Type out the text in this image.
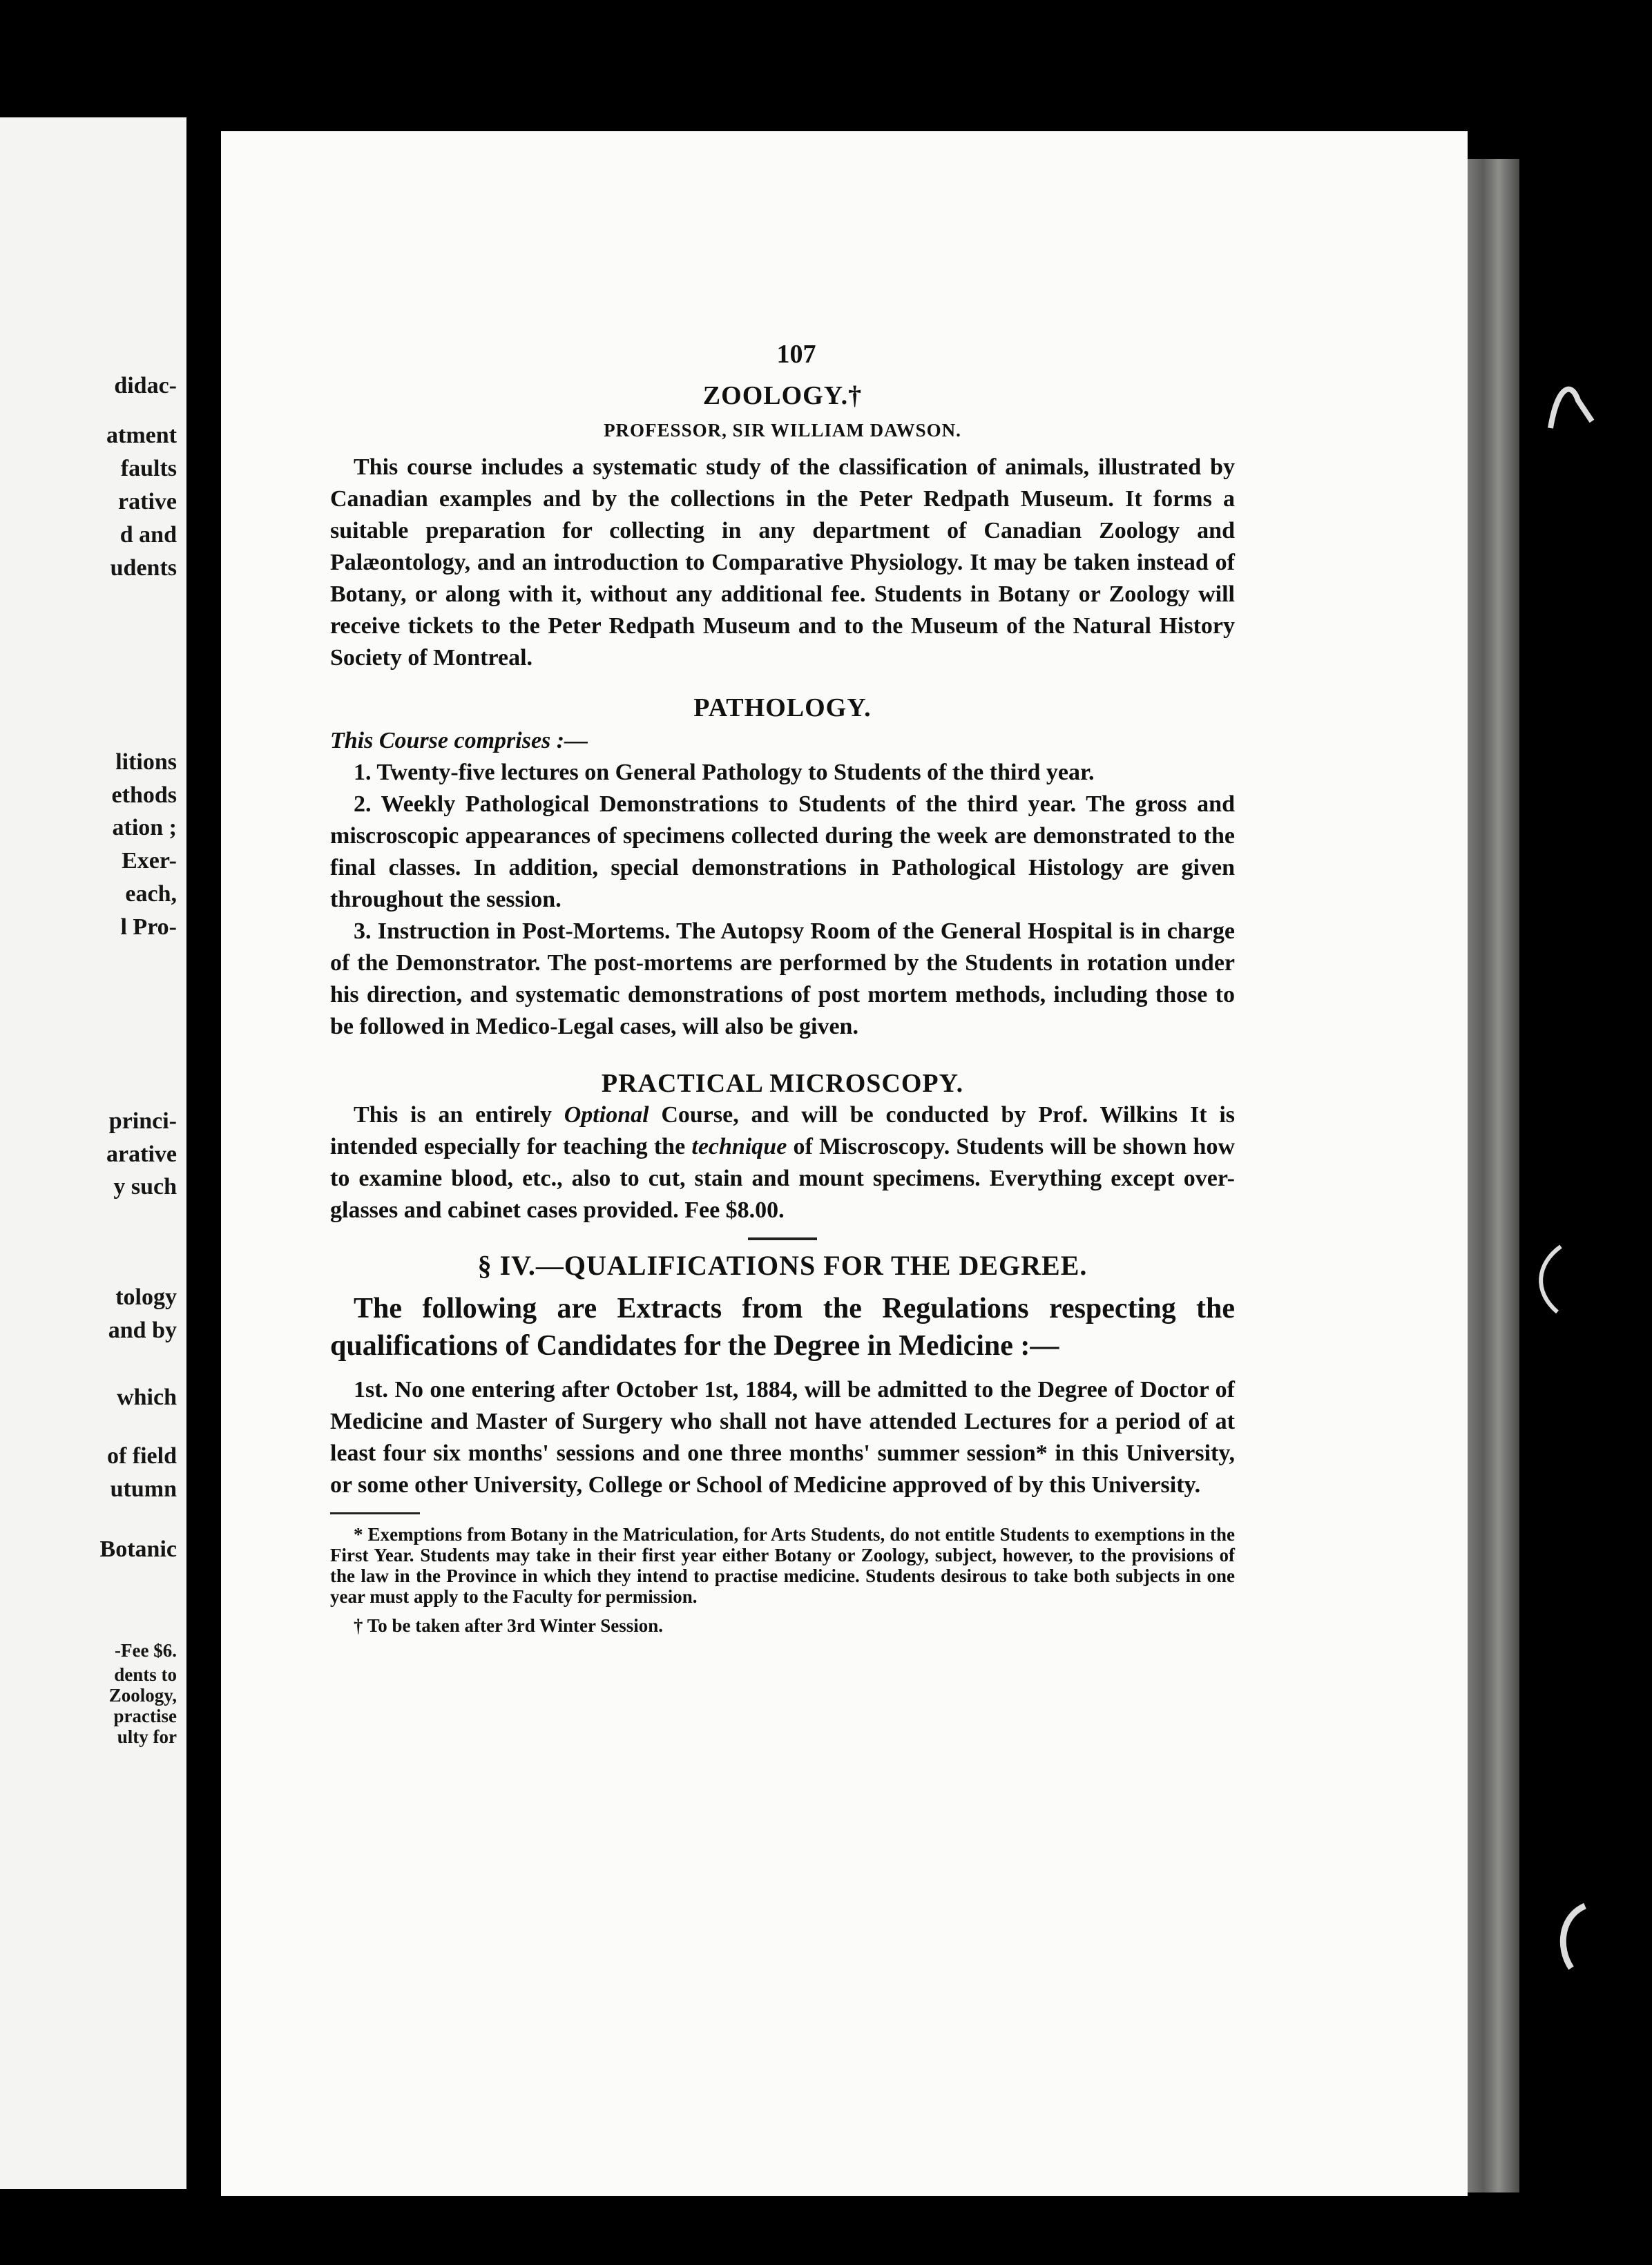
didac-
atment
faults
rative
d and
udents
litions
ethods
ation ;
Exer-
each,
l Pro-
princi-
arative
y such
tology
and by
which
of field
utumn
Botanic
-Fee $6.
dents to
Zoology,
practise
ulty for
107
ZOOLOGY.†
PROFESSOR, SIR WILLIAM DAWSON.

This course includes a systematic study of the classification of animals, illustrated by Canadian examples and by the collections in the Peter Redpath Museum. It forms a suitable preparation for collecting in any department of Canadian Zoology and Palæontology, and an introduction to Comparative Physiology. It may be taken instead of Botany, or along with it, without any additional fee. Students in Botany or Zoology will receive tickets to the Peter Redpath Museum and to the Museum of the Natural History Society of Montreal.

PATHOLOGY.

This Course comprises :—

1. Twenty-five lectures on General Pathology to Students of the third year.

2. Weekly Pathological Demonstrations to Students of the third year. The gross and miscroscopic appearances of specimens collected during the week are demonstrated to the final classes. In addition, special demonstrations in Pathological Histology are given throughout the session.

3. Instruction in Post-Mortems. The Autopsy Room of the General Hospital is in charge of the Demonstrator. The post-mortems are performed by the Students in rotation under his direction, and systematic demonstrations of post mortem methods, including those to be followed in Medico-Legal cases, will also be given.

PRACTICAL MICROSCOPY.

This is an entirely Optional Course, and will be conducted by Prof. Wilkins It is intended especially for teaching the technique of Miscroscopy. Students will be shown how to examine blood, etc., also to cut, stain and mount specimens. Everything except over-glasses and cabinet cases provided. Fee $8.00.

§ IV.—QUALIFICATIONS FOR THE DEGREE.

The following are Extracts from the Regulations respecting the qualifications of Candidates for the Degree in Medicine :—

1st. No one entering after October 1st, 1884, will be admitted to the Degree of Doctor of Medicine and Master of Surgery who shall not have attended Lectures for a period of at least four six months' sessions and one three months' summer session* in this University, or some other University, College or School of Medicine approved of by this University.

* Exemptions from Botany in the Matriculation, for Arts Students, do not entitle Students to exemptions in the First Year. Students may take in their first year either Botany or Zoology, subject, however, to the provisions of the law in the Province in which they intend to practise medicine. Students desirous to take both subjects in one year must apply to the Faculty for permission.

† To be taken after 3rd Winter Session.
